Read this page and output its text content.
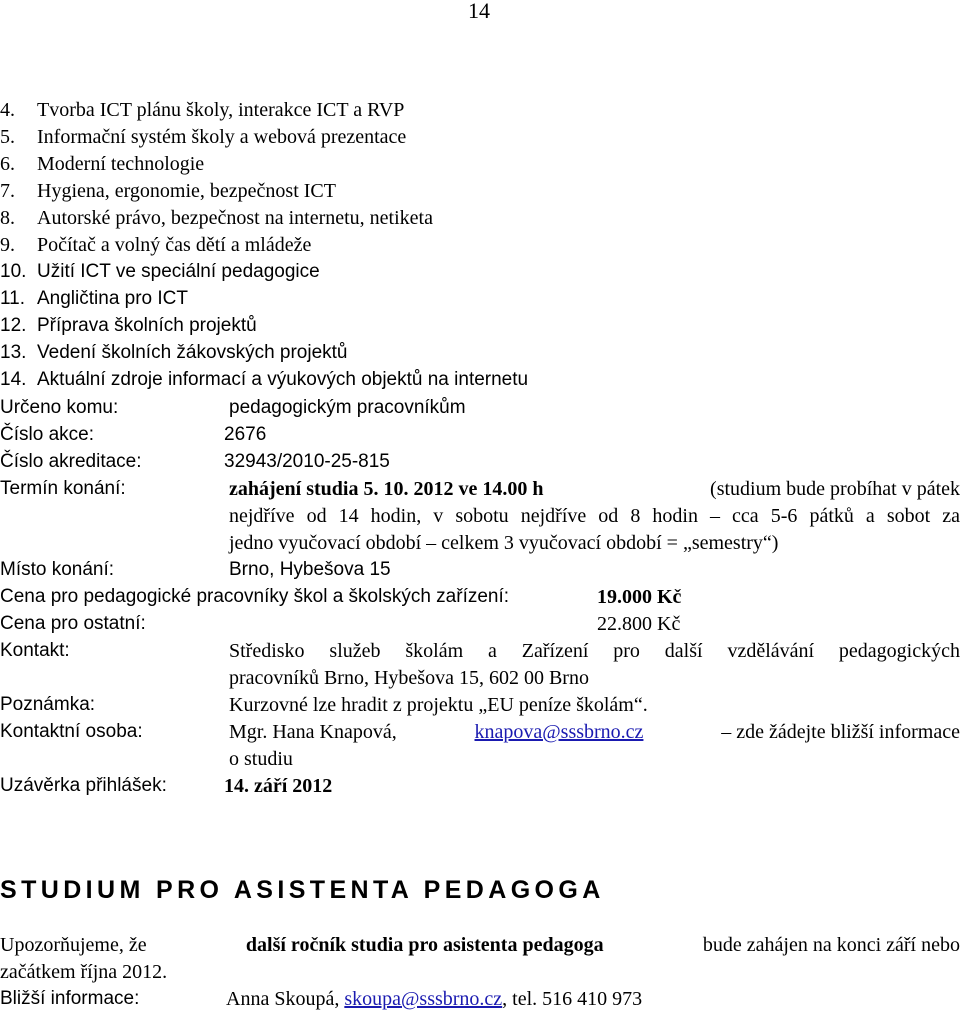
14
4. Tvorba ICT plánu školy, interakce ICT a RVP
5. Informační systém školy a webová prezentace
6. Moderní technologie
7. Hygiena, ergonomie, bezpečnost ICT
8. Autorské právo, bezpečnost na internetu, netiketa
9. Počítač a volný čas dětí a mládeže
10. Užití ICT ve speciální pedagogice
11. Angličtina pro ICT
12. Příprava školních projektů
13. Vedení školních žákovských projektů
14. Aktuální zdroje informací a výukových objektů na internetu
Určeno komu:	pedagogickým pracovníkům
Číslo akce:	2676
Číslo akreditace:	32943/2010-25-815
Termín konání:	zahájení studia 5. 10. 2012 ve 14.00 h	(studium bude probíhat v pátek
nejdříve od 14 hodin, v sobotu nejdříve od 8 hodin – cca 5-6 pátků a sobot za
jedno vyučovací období – celkem 3 vyučovací období = „semestry“)
Místo konání:	Brno, Hybešova 15
Cena pro pedagogické pracovníky škol a školských zařízení:	19.000 Kč
Cena pro ostatní:	22.800 Kč
Kontakt:	Středisko služeb školám a Zařízení pro další vzdělávání pedagogických
pracovníků Brno, Hybešova 15, 602 00 Brno
Poznámka:	Kurzovné lze hradit z projektu „EU peníze školám“.
Kontaktní osoba:	Mgr. Hana Knapová,	knapova@sssbrno.cz	– zde žádejte bližší informace
o studiu
Uzávěrka přihlášek:	14. září 2012
STUDIUM PRO ASISTENTA PEDAGOGA
Upozorňujeme, že	další ročník studia pro asistenta pedagoga	bude zahájen na konci září nebo
začátkem října 2012.
Bližší informace:	Anna Skoupá, skoupa@sssbrno.cz, tel. 516 410 973
